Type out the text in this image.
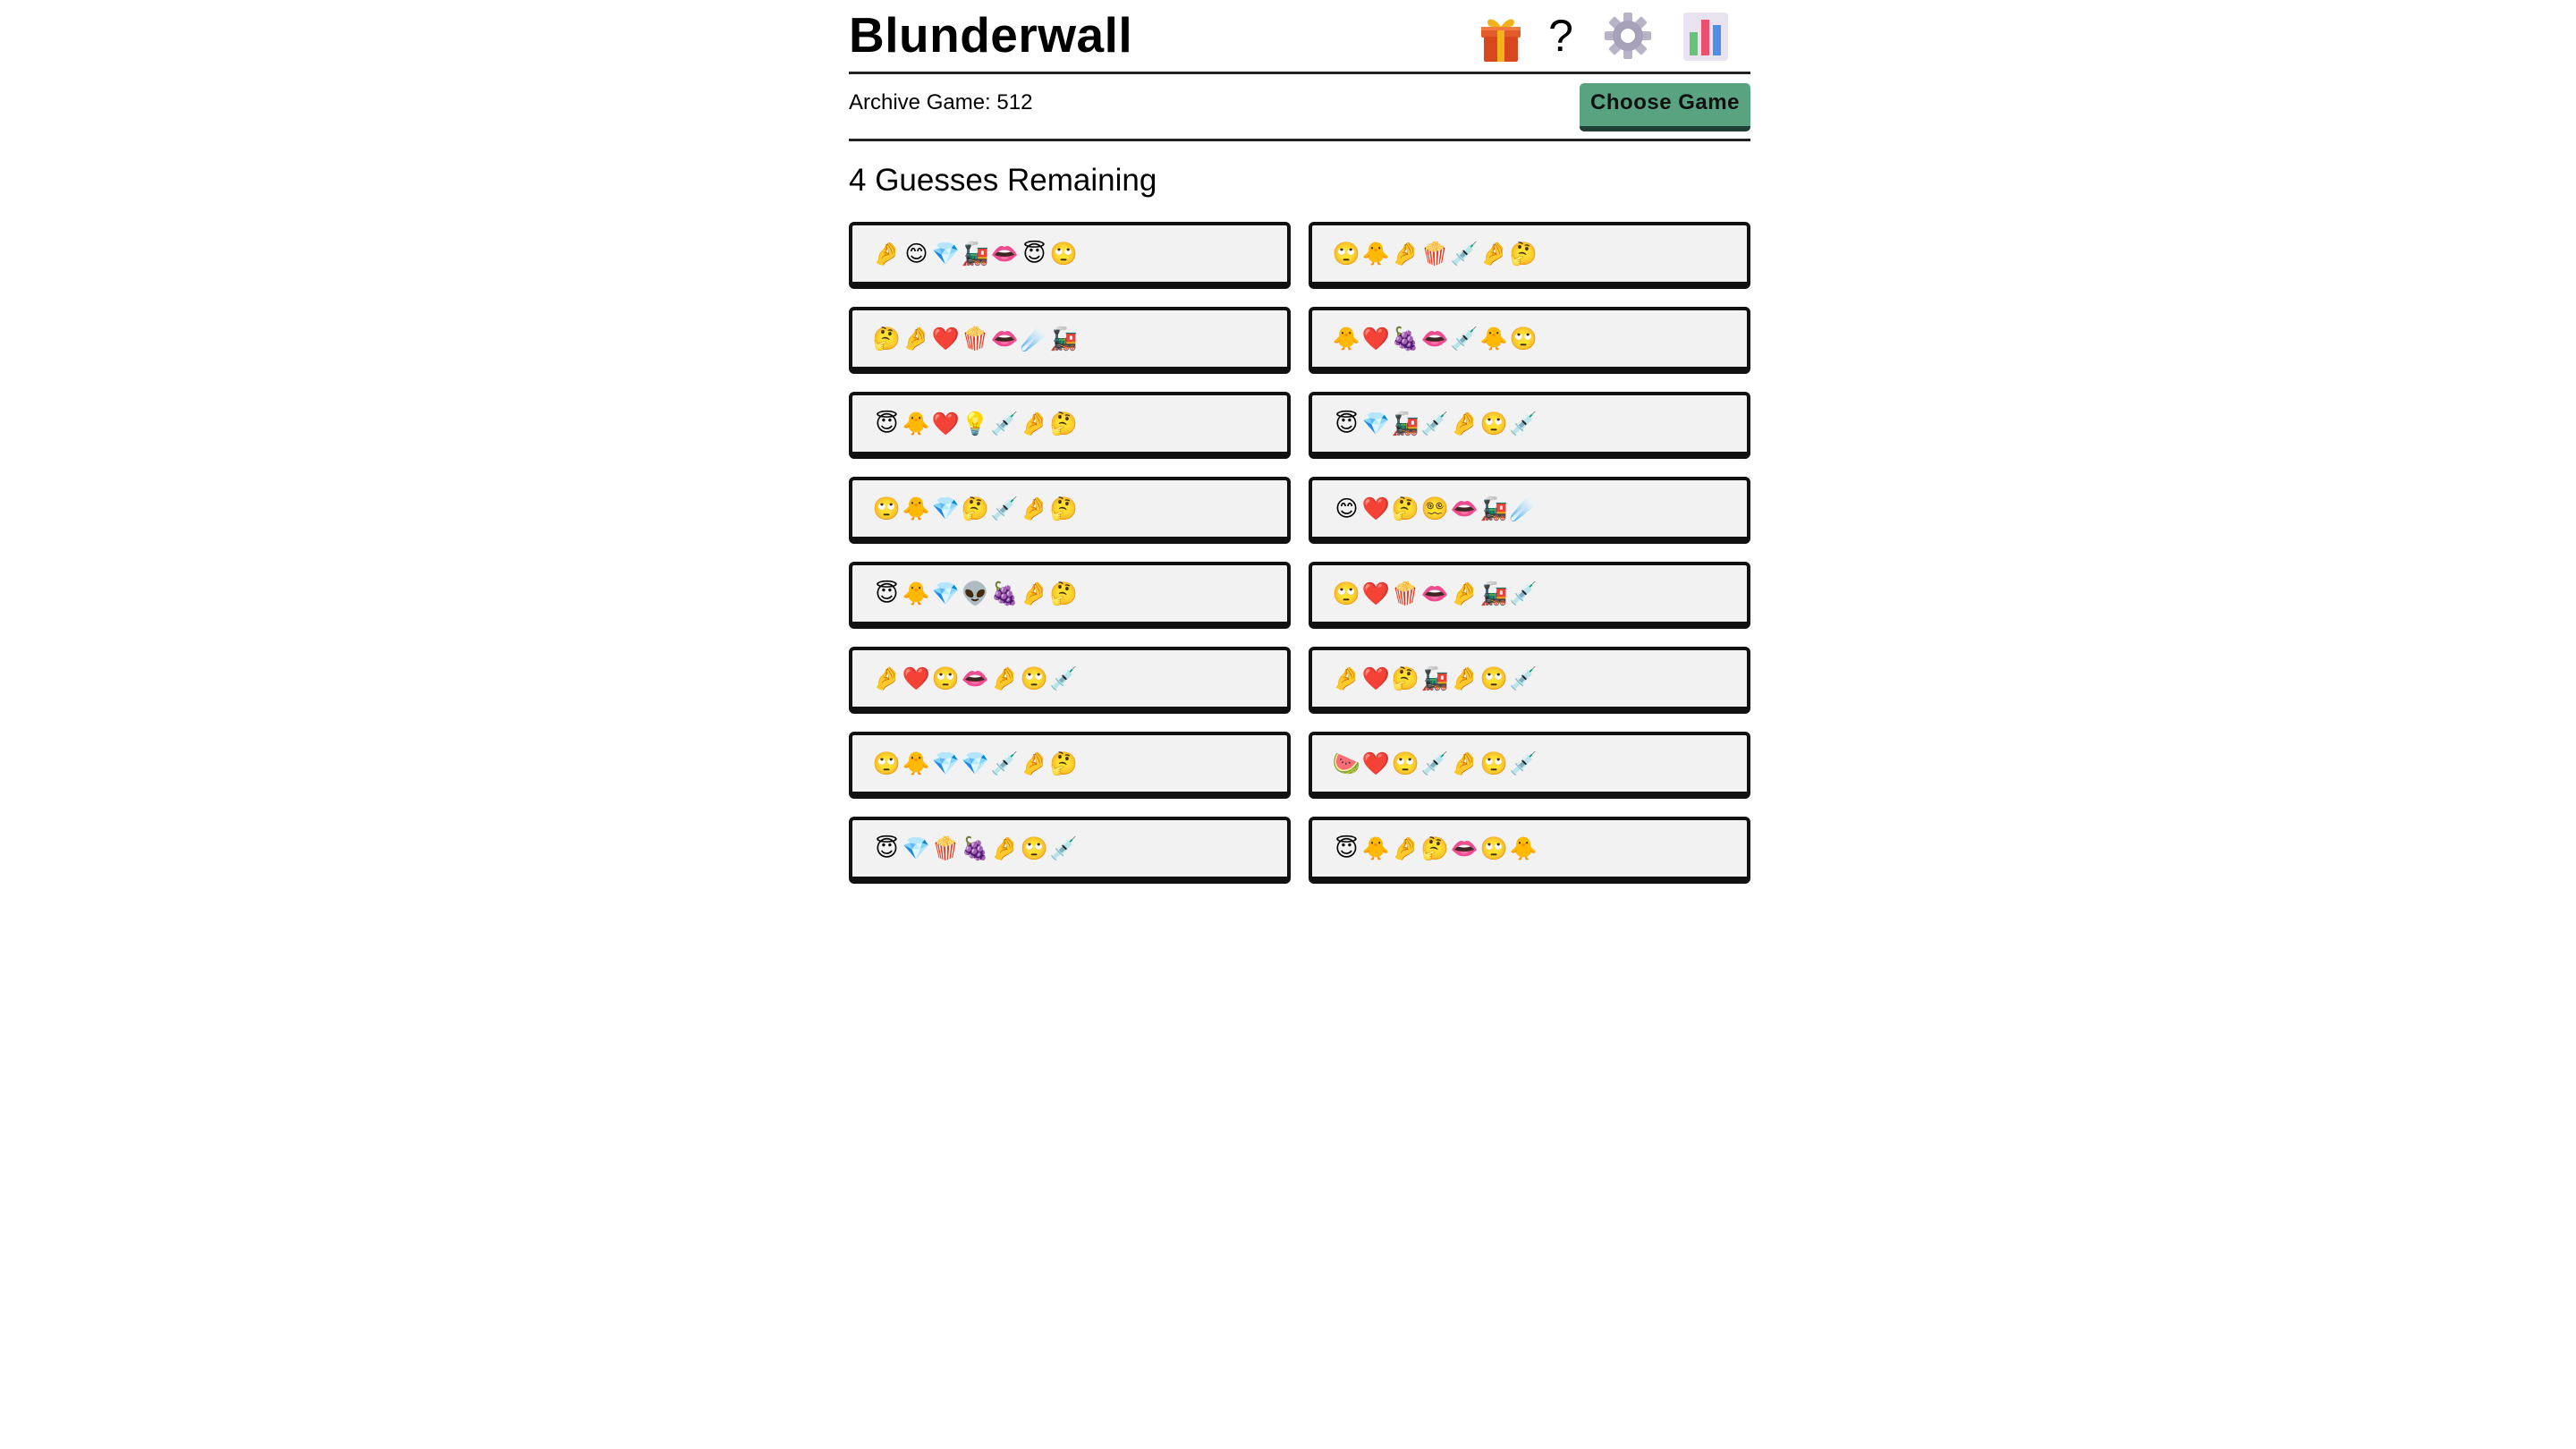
Blunderwall	?
Archive Game: 512	Choose Game
4 Guesses Remaining
🤌 😊 💎 🚂 👄 😇 🙄	🙄 🐥 🤌 🍿 💉 🤌 🤔
🤔 🤌 ❤️ 🍿 👄 ☄️ 🚂	🐥 ❤️ 🍇 👄 💉 🐥 🙄
😇 🐥 ❤️ 💡 💉 🤌 🤔	😇 💎 🚂 💉 🤌 🙄 💉
🙄 🐥 💎 🤔 💉 🤌 🤔	😊 ❤️ 🤔 😵‍💫 👄 🚂 ☄️
😇 🐥 💎 👽 🍇 🤌 🤔	🙄 ❤️ 🍿 👄 🤌 🚂 💉
🤌 ❤️ 🙄 👄 🤌 🙄 💉	🤌 ❤️ 🤔 🚂 🤌 🙄 💉
🙄 🐥 💎 💎 💉 🤌 🤔	🍉 ❤️ 🙄 💉 🤌 🙄 💉
😇 💎 🍿 🍇 🤌 🙄 💉	😇 🐥 🤌 🤔 👄 🙄 🐥
